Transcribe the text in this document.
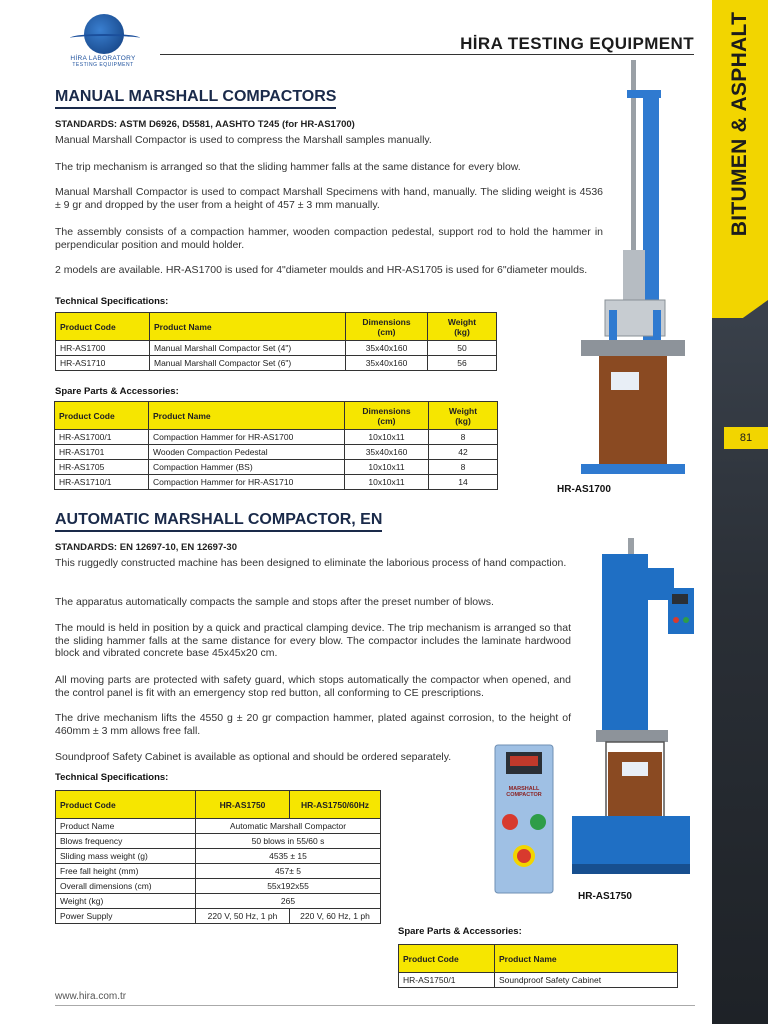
HİRA LABORATORY
TESTING EQUIPMENT
HİRA TESTING EQUIPMENT BITUMEN & ASPHALT
81
MANUAL MARSHALL COMPACTORS
STANDARDS: ASTM D6926, D5581, AASHTO T245 (for HR-AS1700)
Manual Marshall Compactor is used to compress the Marshall samples manually.
The trip mechanism is arranged so that the sliding hammer falls at the same distance for every blow.
Manual Marshall Compactor is used to compact Marshall Specimens with hand, manually. The sliding weight is 4536 ± 9 gr and dropped by the user from a height of 457 ± 3 mm manually.
The assembly consists of a compaction hammer, wooden compaction pedestal, support rod to hold the hammer in perpendicular position and mould holder.
2 models are available. HR-AS1700 is used for 4"diameter moulds and HR-AS1705 is used for 6"diameter moulds.
Technical Specifications:
Product Code	Product Name	Dimensions
(cm)	Weight
(kg)
HR-AS1700	Manual Marshall Compactor Set (4")	35x40x160	50
HR-AS1710	Manual Marshall Compactor Set (6")	35x40x160	56
Spare Parts & Accessories:
Product Code	Product Name	Dimensions
(cm)	Weight
(kg)
HR-AS1700/1	Compaction Hammer for HR-AS1700	10x10x11	8
HR-AS1701	Wooden Compaction Pedestal	35x40x160	42
HR-AS1705	Compaction Hammer (BS)	10x10x11	8
HR-AS1710/1	Compaction Hammer for HR-AS1710	10x10x11	14
HR-AS1700
AUTOMATIC MARSHALL COMPACTOR, EN
STANDARDS: EN 12697-10, EN 12697-30
This ruggedly constructed machine has been designed to eliminate the laborious process of hand compaction.
The apparatus automatically compacts the sample and stops after the preset number of blows.
The mould is held in position by a quick and practical clamping device. The trip mechanism is arranged so that the sliding hammer falls at the same distance for every blow. The compactor includes the laminate hardwood block and vibrated concrete base 45x45x20 cm.
All moving parts are protected with safety guard, which stops automatically the compactor when opened, and the control panel is fit with an emergency stop red button, all conforming to CE prescriptions.
The drive mechanism lifts the 4550 g ± 20 gr compaction hammer, plated against corrosion, to the height of 460mm ± 3 mm allows free fall.
Soundproof Safety Cabinet is available as optional and should be ordered separately.
Technical Specifications:
Product Code	HR-AS1750	HR-AS1750/60Hz
Product Name	Automatic Marshall Compactor	
Blows frequency	50 blows in 55/60 s	
Sliding mass weight (g)	4535 ± 15	
Free fall height (mm)	457± 5	
Overall dimensions (cm)	55x192x55	
Weight (kg)	265	
Power Supply	220 V, 50 Hz, 1 ph	220 V, 60 Hz, 1 ph
MARSHALL COMPACTOR
HR-AS1750
Spare Parts & Accessories:
Product Code	Product Name
HR-AS1750/1	Soundproof Safety Cabinet
www.hira.com.tr
